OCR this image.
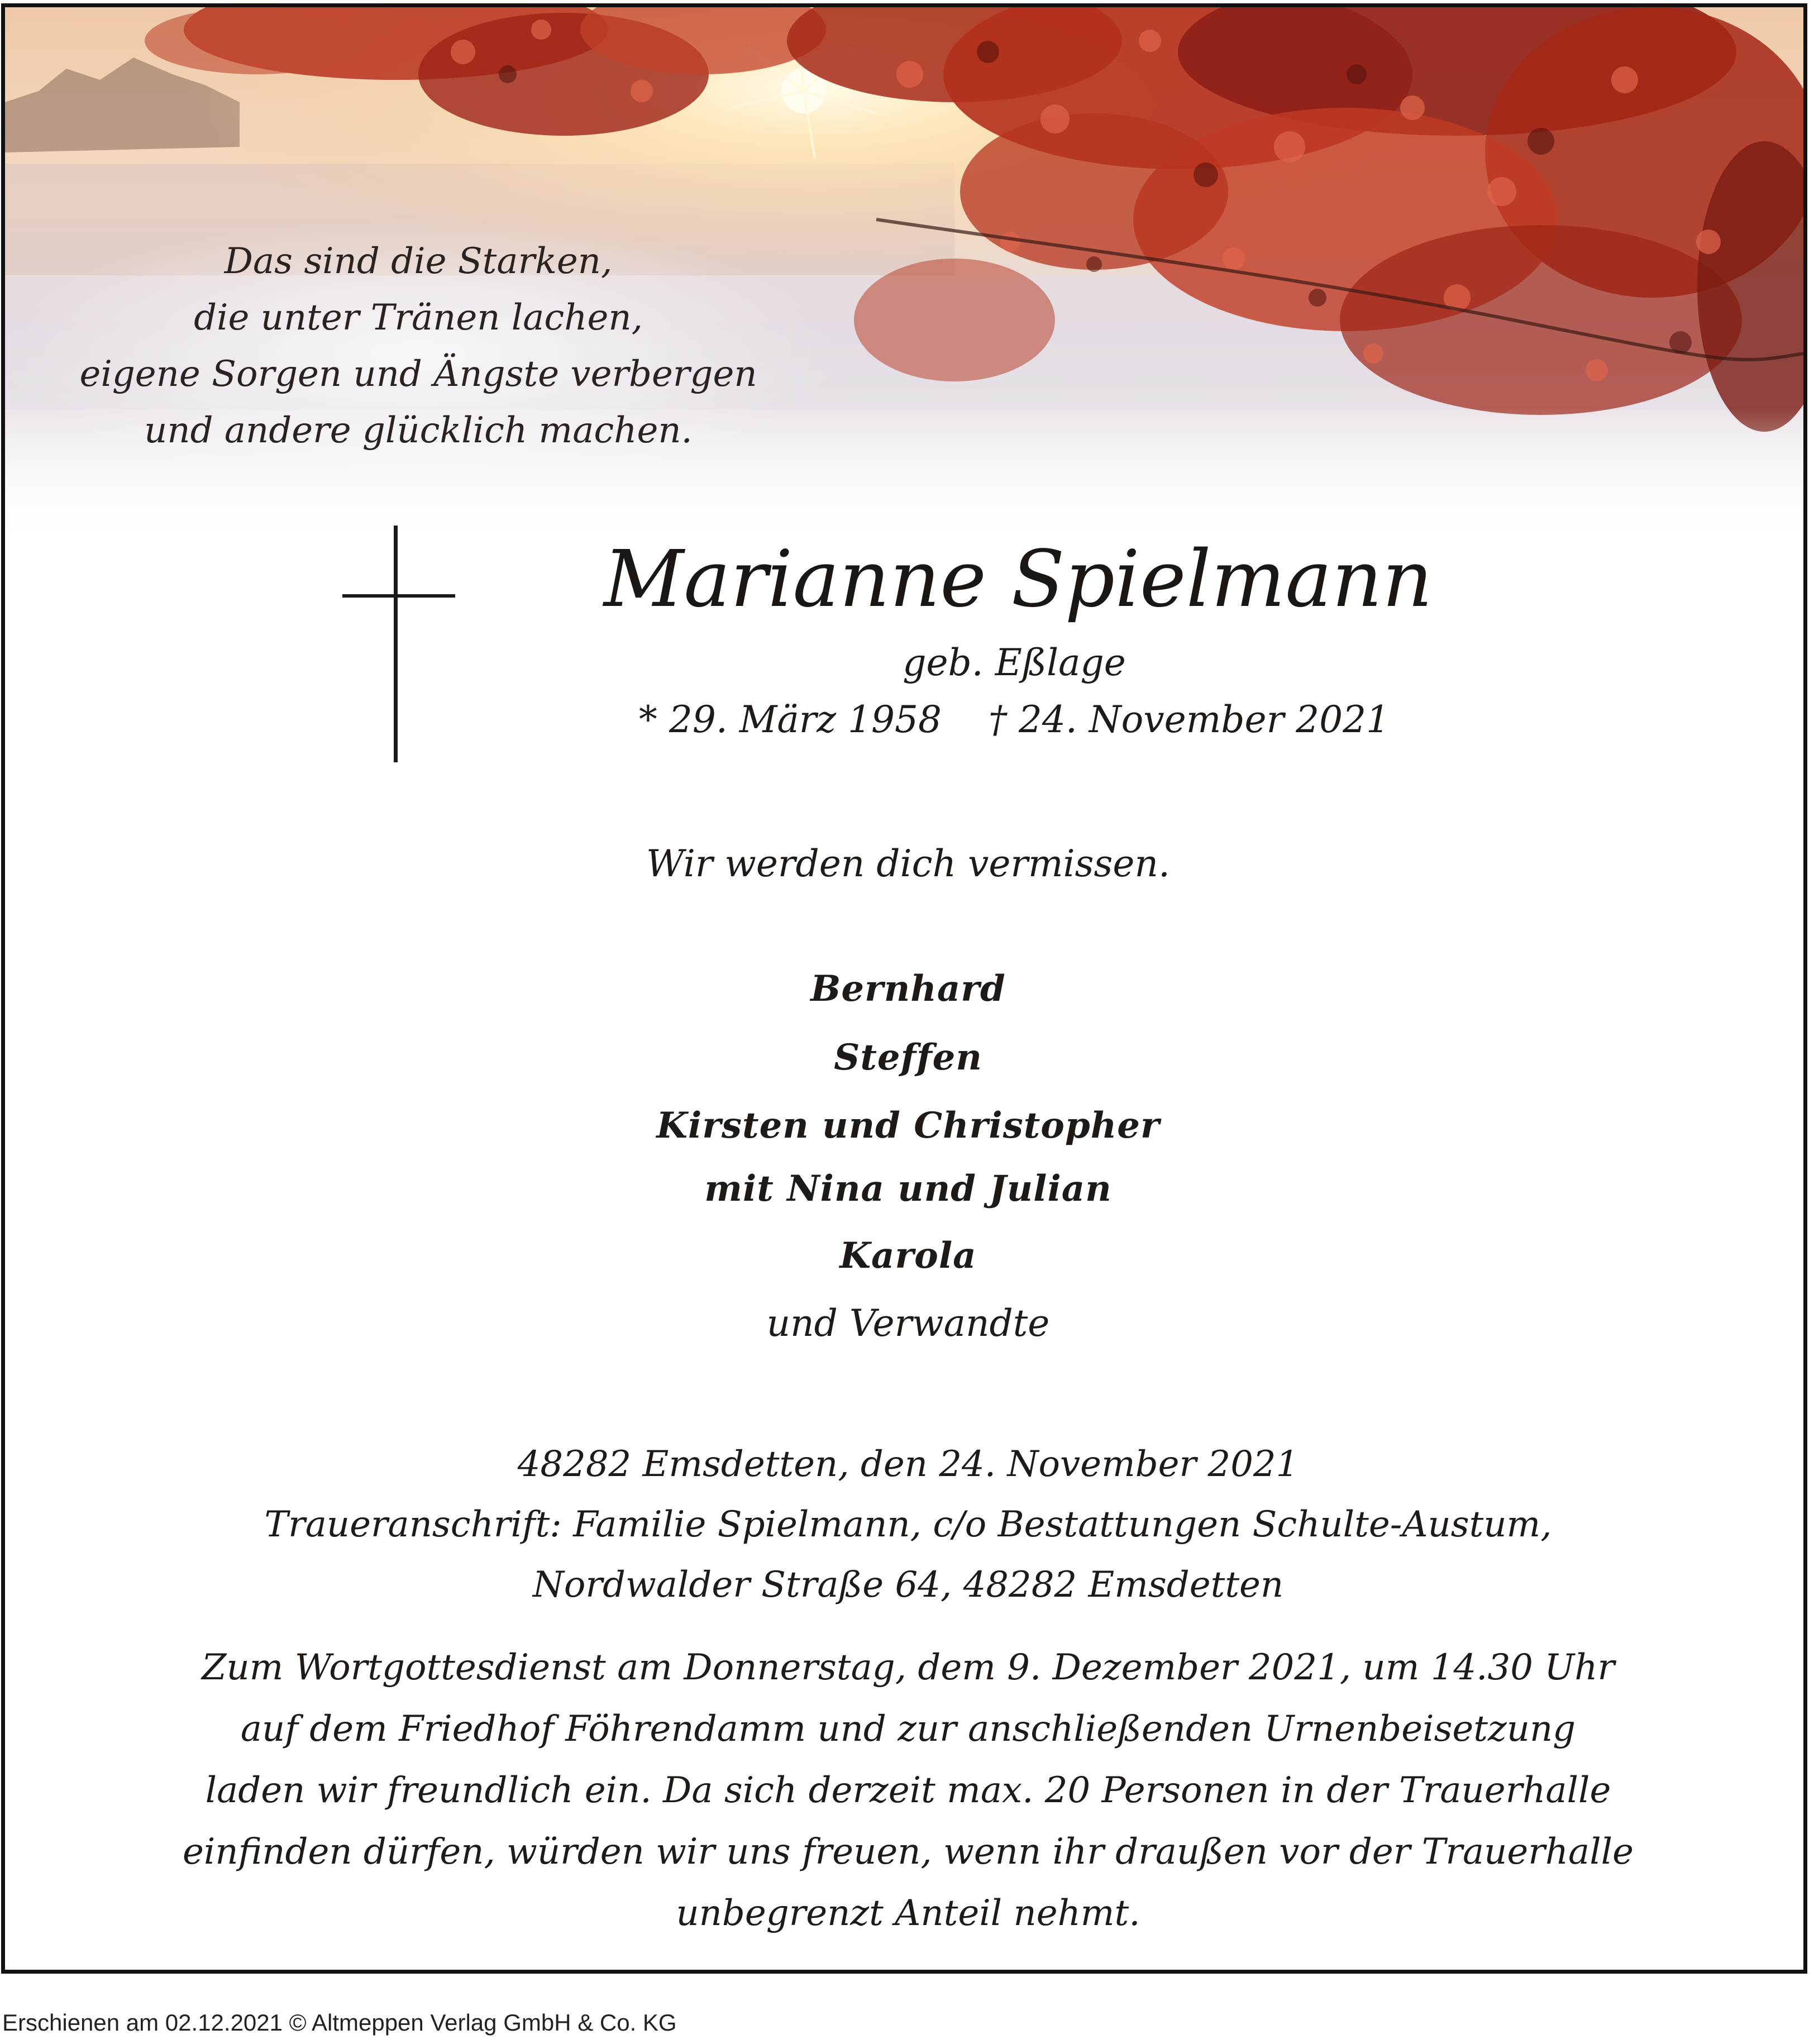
Das sind die Starken,
die unter Tränen lachen,
eigene Sorgen und Ängste verbergen
und andere glücklich machen.
Marianne Spielmann
geb. Eßlage
* 29. März 1958    † 24. November 2021
Wir werden dich vermissen.
Bernhard
Steffen
Kirsten und Christopher
mit Nina und Julian
Karola
und Verwandte
48282 Emsdetten, den 24. November 2021
Traueranschrift: Familie Spielmann, c/o Bestattungen Schulte-Austum,
Nordwalder Straße 64, 48282 Emsdetten
Zum Wortgottesdienst am Donnerstag, dem 9. Dezember 2021, um 14.30 Uhr
auf dem Friedhof Föhrendamm und zur anschließenden Urnenbeisetzung
laden wir freundlich ein. Da sich derzeit max. 20 Personen in der Trauerhalle
einfinden dürfen, würden wir uns freuen, wenn ihr draußen vor der Trauerhalle
unbegrenzt Anteil nehmt.
Erschienen am 02.12.2021 © Altmeppen Verlag GmbH & Co. KG
